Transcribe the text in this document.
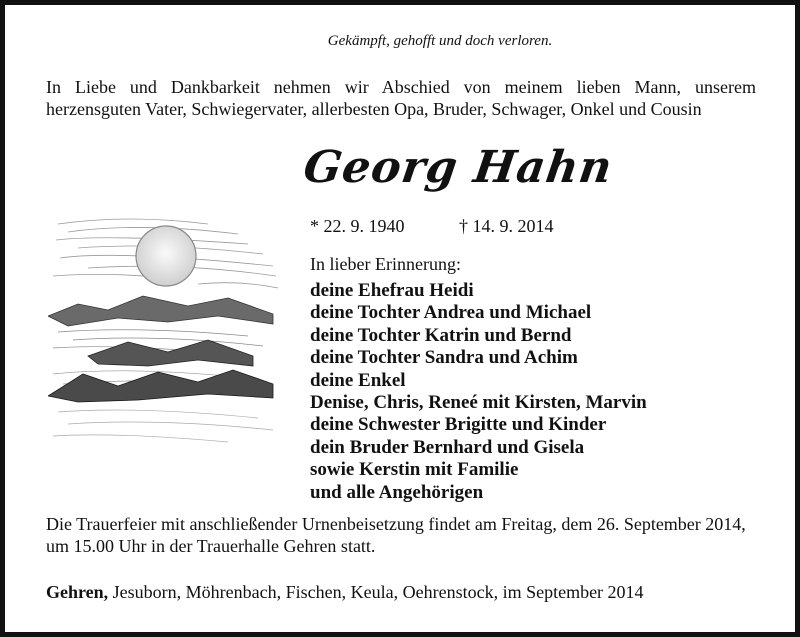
Gekämpft, gehofft und doch verloren.
In Liebe und Dankbarkeit nehmen wir Abschied von meinem lieben Mann, unserem
herzensguten Vater, Schwiegervater, allerbesten Opa, Bruder, Schwager, Onkel und Cousin
Georg Hahn
* 22. 9. 1940	† 14. 9. 2014
In lieber Erinnerung:
deine Ehefrau Heidi
deine Tochter Andrea und Michael
deine Tochter Katrin und Bernd
deine Tochter Sandra und Achim
deine Enkel
Denise, Chris, Reneé mit Kirsten, Marvin
deine Schwester Brigitte und Kinder
dein Bruder Bernhard und Gisela
sowie Kerstin mit Familie
und alle Angehörigen
Die Trauerfeier mit anschließender Urnenbeisetzung findet am Freitag, dem 26. September 2014,
um 15.00 Uhr in der Trauerhalle Gehren statt.
Gehren, Jesuborn, Möhrenbach, Fischen, Keula, Oehrenstock, im September 2014
